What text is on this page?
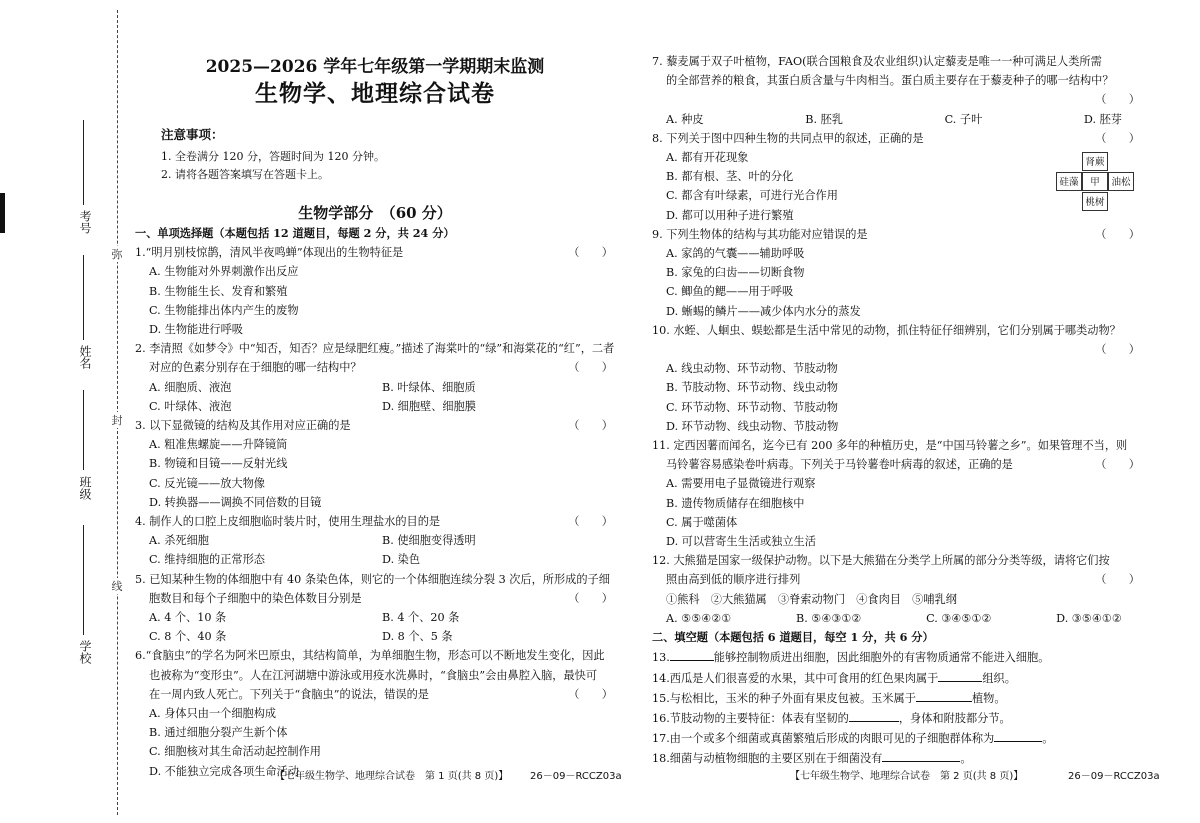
弥
封
线
考号
姓名
班级
学校
2025—2026 学年七年级第一学期期末监测
生物学、地理综合试卷
注意事项：
1. 全卷满分 120 分，答题时间为 120 分钟。
2. 请将各题答案填写在答题卡上。
生物学部分　（60 分）
一、单项选择题（本题包括 12 道题目，每题 2 分，共 24 分）
1.“明月别枝惊鹊，清风半夜鸣蝉”体现出的生物特征是	（　　）
A. 生物能对外界刺激作出反应
B. 生物能生长、发育和繁殖
C. 生物能排出体内产生的废物
D. 生物能进行呼吸
2. 李清照《如梦令》中“知否，知否？应是绿肥红瘦。”描述了海棠叶的“绿”和海棠花的“红”，二者
对应的色素分别存在于细胞的哪一结构中？	（　　）
A. 细胞质、液泡	B. 叶绿体、细胞质
C. 叶绿体、液泡	D. 细胞壁、细胞膜
3. 以下显微镜的结构及其作用对应正确的是	（　　）
A. 粗准焦螺旋——升降镜筒
B. 物镜和目镜——反射光线
C. 反光镜——放大物像
D. 转换器——调换不同倍数的目镜
4. 制作人的口腔上皮细胞临时装片时，使用生理盐水的目的是	（　　）
A. 杀死细胞	B. 使细胞变得透明
C. 维持细胞的正常形态	D. 染色
5. 已知某种生物的体细胞中有 40 条染色体，则它的一个体细胞连续分裂 3 次后，所形成的子细
胞数目和每个子细胞中的染色体数目分别是	（　　）
A. 4 个、10 条	B. 4 个、20 条
C. 8 个、40 条	D. 8 个、5 条
6.“食脑虫”的学名为阿米巴原虫，其结构简单，为单细胞生物，形态可以不断地发生变化，因此
也被称为“变形虫”。人在江河湖塘中游泳或用疫水洗鼻时，“食脑虫”会由鼻腔入脑，最快可
在一周内致人死亡。下列关于“食脑虫”的说法，错误的是	（　　）
A. 身体只由一个细胞构成
B. 通过细胞分裂产生新个体
C. 细胞核对其生命活动起控制作用
D. 不能独立完成各项生命活动
【七年级生物学、地理综合试卷　第 1 页(共 8 页)】 26－09－RCCZ03a
7. 藜麦属于双子叶植物，FAO(联合国粮食及农业组织)认定藜麦是唯一一种可满足人类所需
的全部营养的粮食，其蛋白质含量与牛肉相当。蛋白质主要存在于藜麦种子的哪一结构中？

（　　）
A. 种皮	B. 胚乳	C. 子叶	D. 胚芽
8. 下列关于图中四种生物的共同点甲的叙述，正确的是	（　　）
A. 都有开花现象
B. 都有根、茎、叶的分化
C. 都含有叶绿素，可进行光合作用
D. 都可以用种子进行繁殖
9. 下列生物体的结构与其功能对应错误的是	（　　）
A. 家鸽的气囊——辅助呼吸
B. 家兔的臼齿——切断食物
C. 鲫鱼的鳃——用于呼吸
D. 蜥蜴的鳞片——减少体内水分的蒸发
10. 水蛭、人蛔虫、蜈蚣都是生活中常见的动物，抓住特征仔细辨别，它们分别属于哪类动物？

（　　）
A. 线虫动物、环节动物、节肢动物
B. 节肢动物、环节动物、线虫动物
C. 环节动物、环节动物、节肢动物
D. 环节动物、线虫动物、节肢动物
11. 定西因薯而闻名，迄今已有 200 多年的种植历史，是“中国马铃薯之乡”。如果管理不当，则
马铃薯容易感染卷叶病毒。下列关于马铃薯卷叶病毒的叙述，正确的是	（　　）
A. 需要用电子显微镜进行观察
B. 遗传物质储存在细胞核中
C. 属于噬菌体
D. 可以营寄生生活或独立生活
12. 大熊猫是国家一级保护动物。以下是大熊猫在分类学上所属的部分分类等级，请将它们按
照由高到低的顺序进行排列	（　　）
①熊科　②大熊猫属　③脊索动物门　④食肉目　⑤哺乳纲
A. ⑤⑤④②①	B. ⑤④③①②	C. ③④⑤①②	D. ③⑤④①②
二、填空题（本题包括 6 道题目，每空 1 分，共 6 分）
13.	能够控制物质进出细胞，因此细胞外的有害物质通常不能进入细胞。
14.西瓜是人们很喜爱的水果，其中可食用的红色果肉属于	组织。
15.与松相比，玉米的种子外面有果皮包被。玉米属于	植物。
16.节肢动物的主要特征：体表有坚韧的	，身体和附肢都分节。
17.由一个或多个细菌或真菌繁殖后形成的肉眼可见的子细胞群体称为	。
18.细菌与动植物细胞的主要区别在于细菌没有	。
肾蕨
硅藻	甲	油松
桃树
【七年级生物学、地理综合试卷　第 2 页(共 8 页)】	26－09－RCCZ03a
